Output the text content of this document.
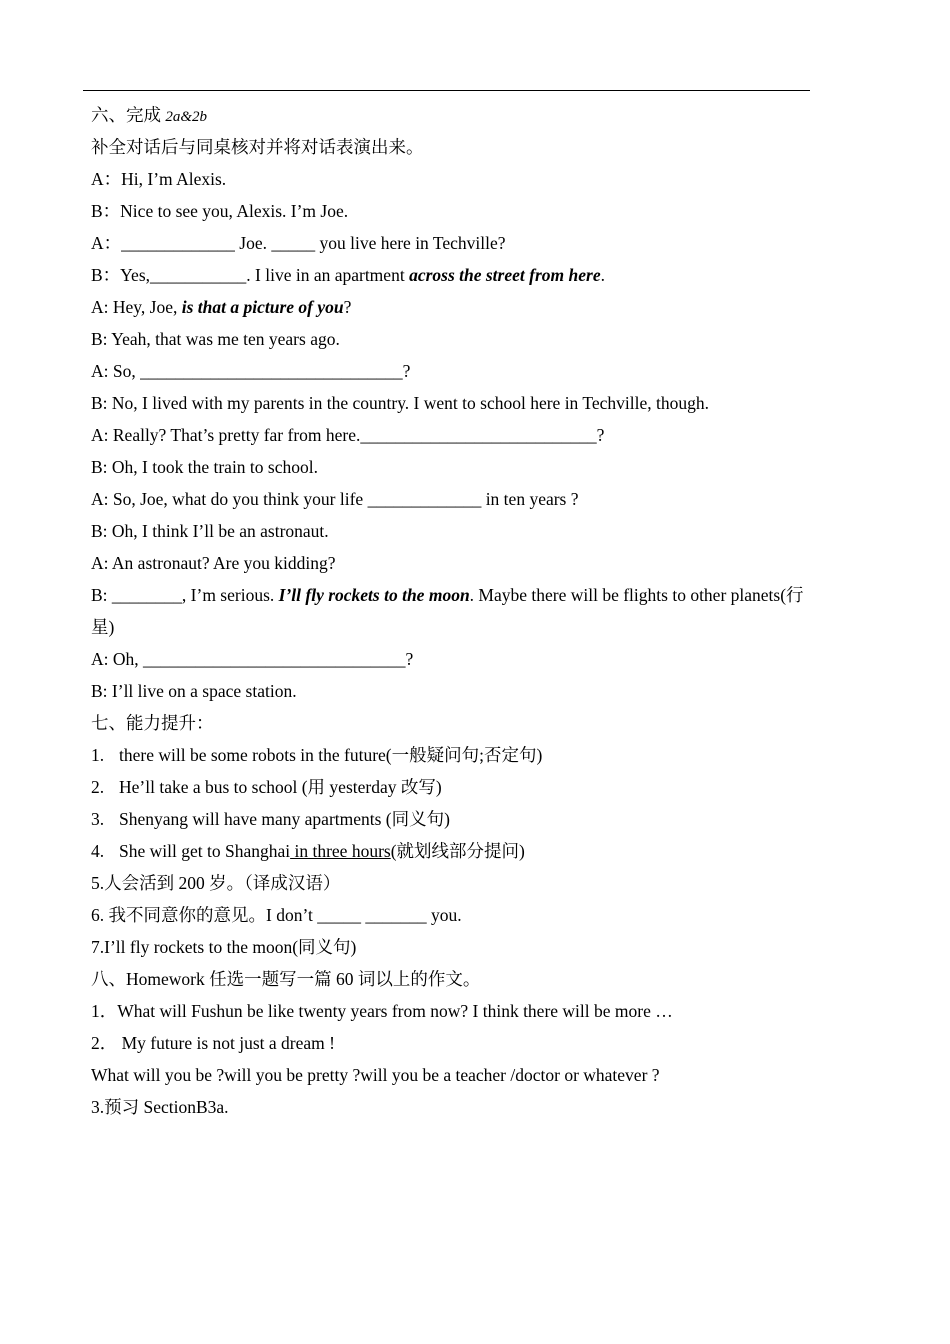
六、完成 2a&2b
补全对话后与同桌核对并将对话表演出来。
A：Hi, I’m Alexis.
B：Nice to see you, Alexis. I’m Joe.
A：_____________ Joe. _____ you live here in Techville?
B：Yes,___________. I live in an apartment across the street from here.
A: Hey, Joe, is that a picture of you?
B: Yeah, that was me ten years ago.
A: So, ______________________________?
B: No, I lived with my parents in the country. I went to school here in Techville, though.
A: Really? That’s pretty far from here.___________________________?
B: Oh, I took the train to school.
A: So, Joe, what do you think your life _____________ in ten years ?
B: Oh, I think I’ll be an astronaut.
A: An astronaut? Are you kidding?
B: ________, I’m serious. I’ll fly rockets to the moon. Maybe there will be flights to other planets(行星)
A: Oh, ______________________________?
B: I’ll live on a space station.
七、能力提升：
1. there will be some robots in the future(一般疑问句;否定句)
2. He’ll take a bus to school (用 yesterday 改写)
3. Shenyang will have many apartments (同义句)
4. She will get to Shanghai in three hours(就划线部分提问)
5.人会活到 200 岁。（译成汉语）
6. 我不同意你的意见。I don’t _____ _______ you.
7.I’ll fly rockets to the moon(同义句)
八、Homework 任选一题写一篇 60 词以上的作文。
1．What will Fushun be like twenty years from now? I think there will be more …
2． My future is not just a dream !
What will you be ?will you be pretty ?will you be a teacher /doctor or whatever ?
3.预习 SectionB3a.
